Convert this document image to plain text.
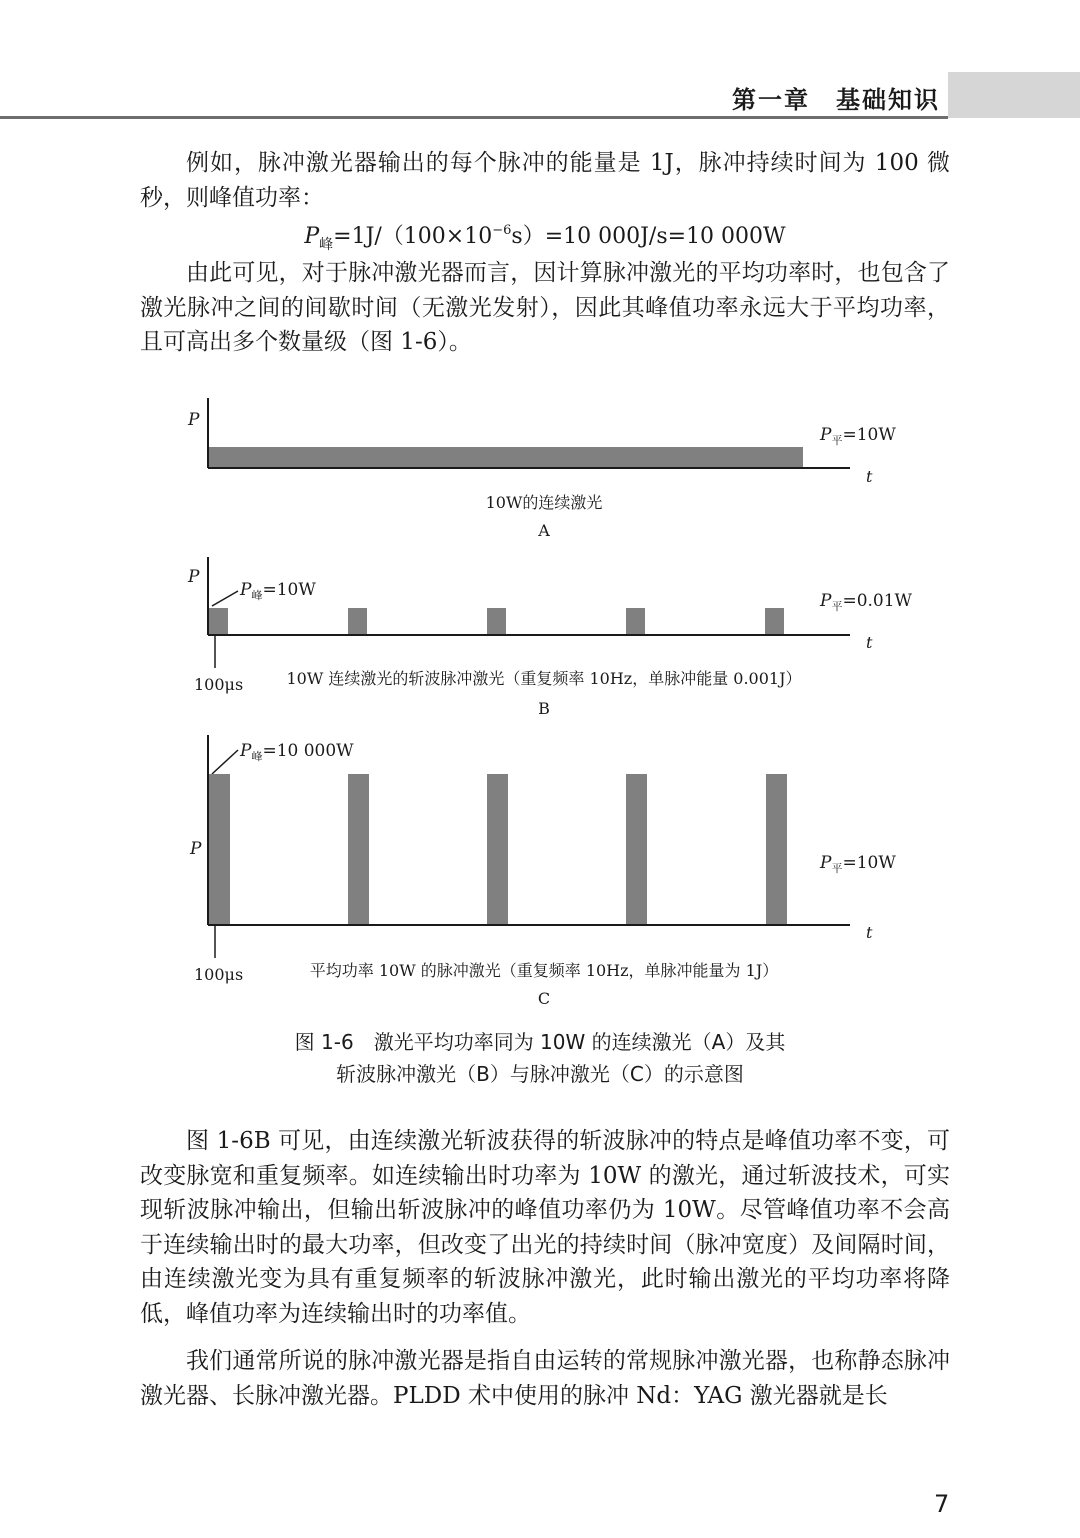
第一章　基础知识

例如，脉冲激光器输出的每个脉冲的能量是 1J，脉冲持续时间为 100 微秒，则峰值功率：

$P_峰=1J/(100\times 10^{-6}s)=10$ 000J/s=10 000W

由此可见，对于脉冲激光器而言，因计算脉冲激光的平均功率时，也包含了激光脉冲之间的间歇时间（无激光发射），因此其峰值功率永远大于平均功率，且可高出多个数量级（图 1-6）。

P
t
$P_平=10W$
10W的连续激光
A
P
t
$P_峰=10W$
$P_平=0.01W$
100μs	10W 连续激光的斩波脉冲激光（重复频率 10Hz，单脉冲能量 0.001J）
B
P
t
$P_峰=10$ 000W
$P_平=10W$
100μs	平均功率 10W 的脉冲激光（重复频率 10Hz，单脉冲能量为 1J）
C
图 1-6　激光平均功率同为 10W 的连续激光（A）及其
斩波脉冲激光（B）与脉冲激光（C）的示意图

图 1-6B 可见，由连续激光斩波获得的斩波脉冲的特点是峰值功率不变，可改变脉宽和重复频率。如连续输出时功率为 10W 的激光，通过斩波技术，可实现斩波脉冲输出，但输出斩波脉冲的峰值功率仍为 10W。尽管峰值功率不会高于连续输出时的最大功率，但改变了出光的持续时间（脉冲宽度）及间隔时间，由连续激光变为具有重复频率的斩波脉冲激光，此时输出激光的平均功率将降低，峰值功率为连续输出时的功率值。

我们通常所说的脉冲激光器是指自由运转的常规脉冲激光器，也称静态脉冲激光器、长脉冲激光器。PLDD 术中使用的脉冲 Nd：YAG 激光器就是长

7
